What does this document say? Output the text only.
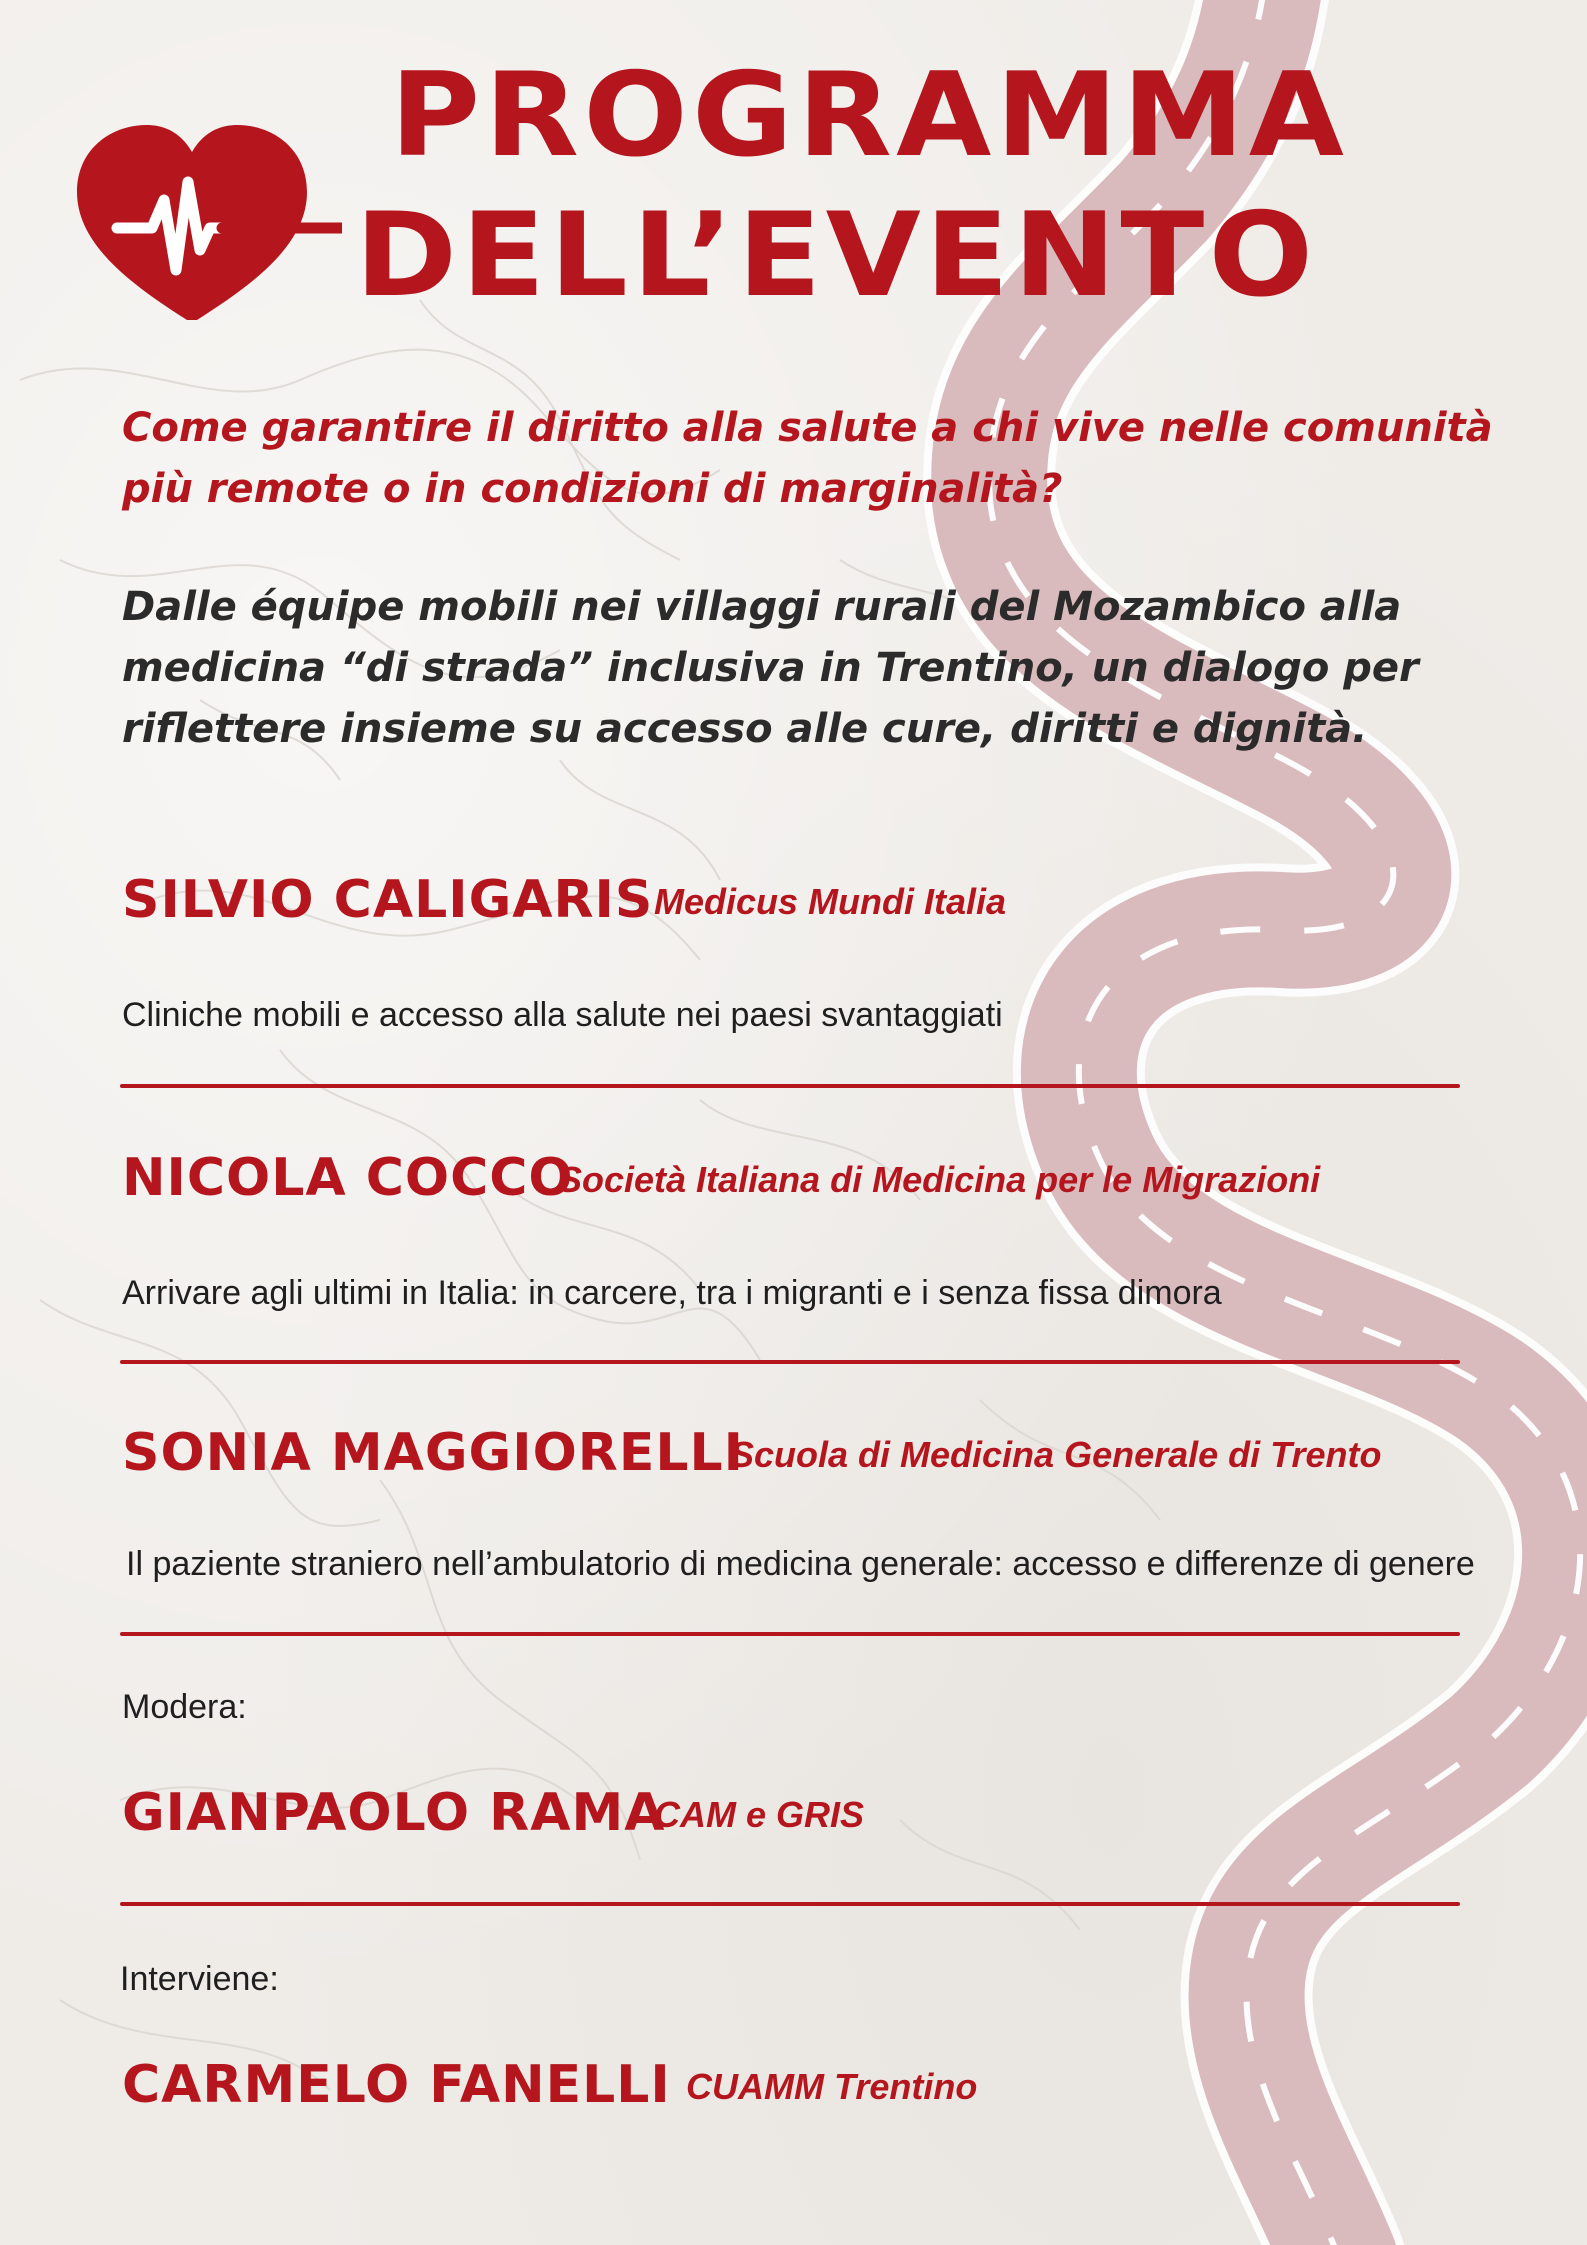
PROGRAMMA
DELL’EVENTO

Come garantire il diritto alla salute a chi vive nelle comunità più remote o in condizioni di marginalità?

Dalle équipe mobili nei villaggi rurali del Mozambico alla medicina “di strada” inclusiva in Trentino, un dialogo per riflettere insieme su accesso alle cure, diritti e dignità.

SILVIO CALIGARIS Medicus Mundi Italia

Cliniche mobili e accesso alla salute nei paesi svantaggiati

NICOLA COCCO
Società Italiana di Medicina per le Migrazioni

Arrivare agli ultimi in Italia: in carcere, tra i migranti e i senza fissa dimora

SONIA MAGGIORELLI
Scuola di Medicina Generale di Trento

Il paziente straniero nell’ambulatorio di medicina generale: accesso e differenze di genere

Modera:

GIANPAOLO RAMA
CAM e GRIS

Interviene:

CARMELO FANELLI CUAMM Trentino
